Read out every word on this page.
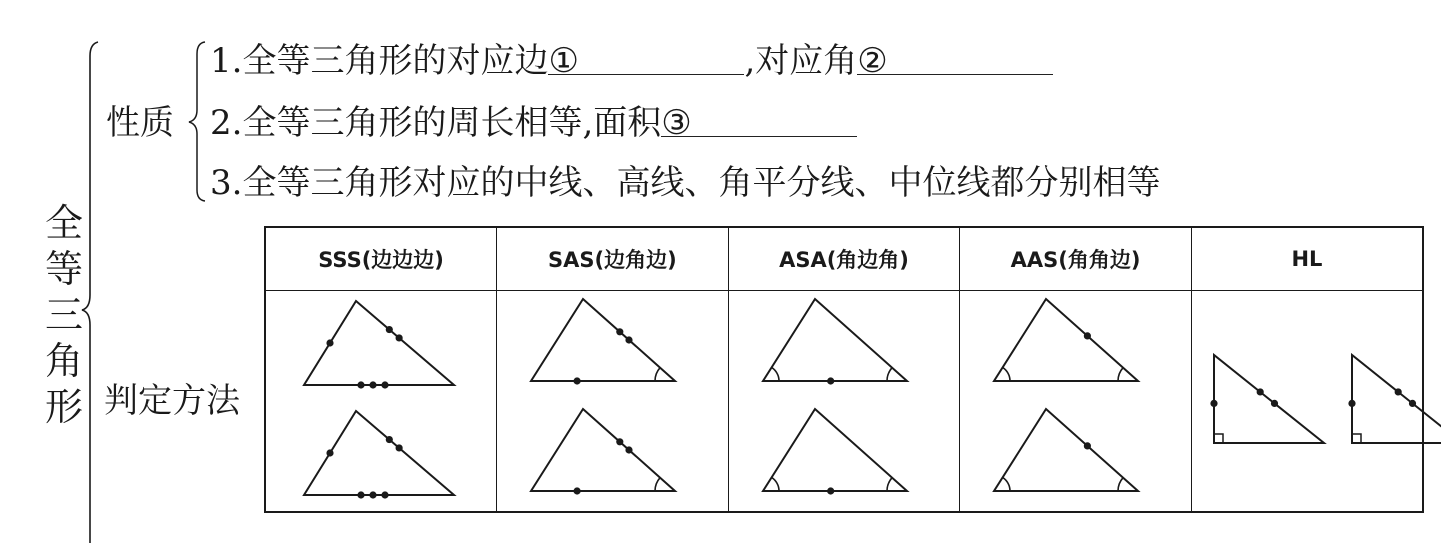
全
等
三
角
形
性质
1.全等三角形的对应边①	,对应角②
2.全等三角形的周长相等,面积③
3.全等三角形对应的中线、高线、角平分线、中位线都分别相等
判定方法
SSS(边边边)	SAS(边角边)	ASA(角边角)	AAS(角角边)	HL
